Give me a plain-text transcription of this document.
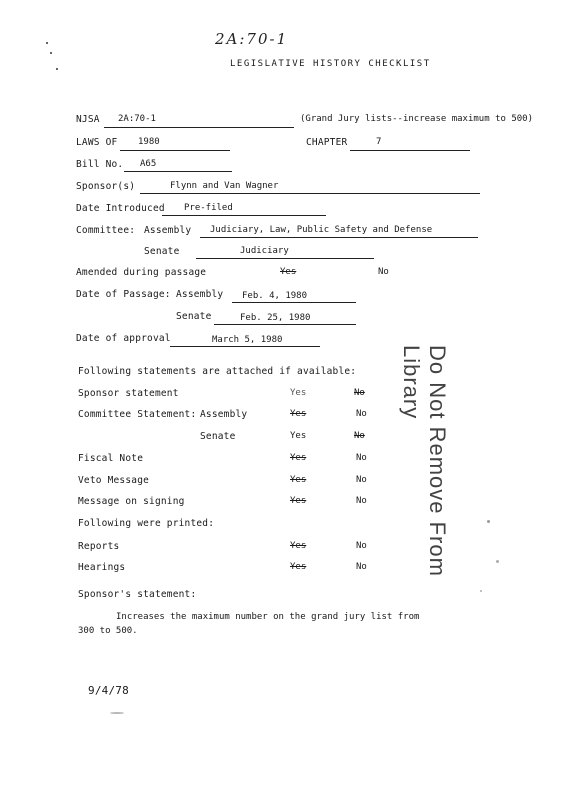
2A:70-1
LEGISLATIVE HISTORY CHECKLIST
NJSA 2A:70-1	(Grand Jury lists--increase maximum to 500)
LAWS OF 1980	CHAPTER	7
Bill No. A65
Sponsor(s)	Flynn and Van Wagner
Date Introduced Pre-filed
Committee: Assembly Judiciary, Law, Public Safety and Defense
Senate	Judiciary
Amended during passage	Yes	No
Date of Passage: Assembly Feb. 4, 1980
Senate	Feb. 25, 1980
Date of approval	March 5, 1980
Following statements are attached if available:
Sponsor statement	Yes	No
Committee Statement: Assembly	Yes	No
Senate	Yes	No
Fiscal Note	Yes	No
Veto Message	Yes	No
Message on signing	Yes	No
Following were printed:
Reports	Yes	No
Hearings	Yes	No
Sponsor's statement:
Increases the maximum number on the grand jury list from
300 to 500.
9/4/78
Do Not Remove From Library
